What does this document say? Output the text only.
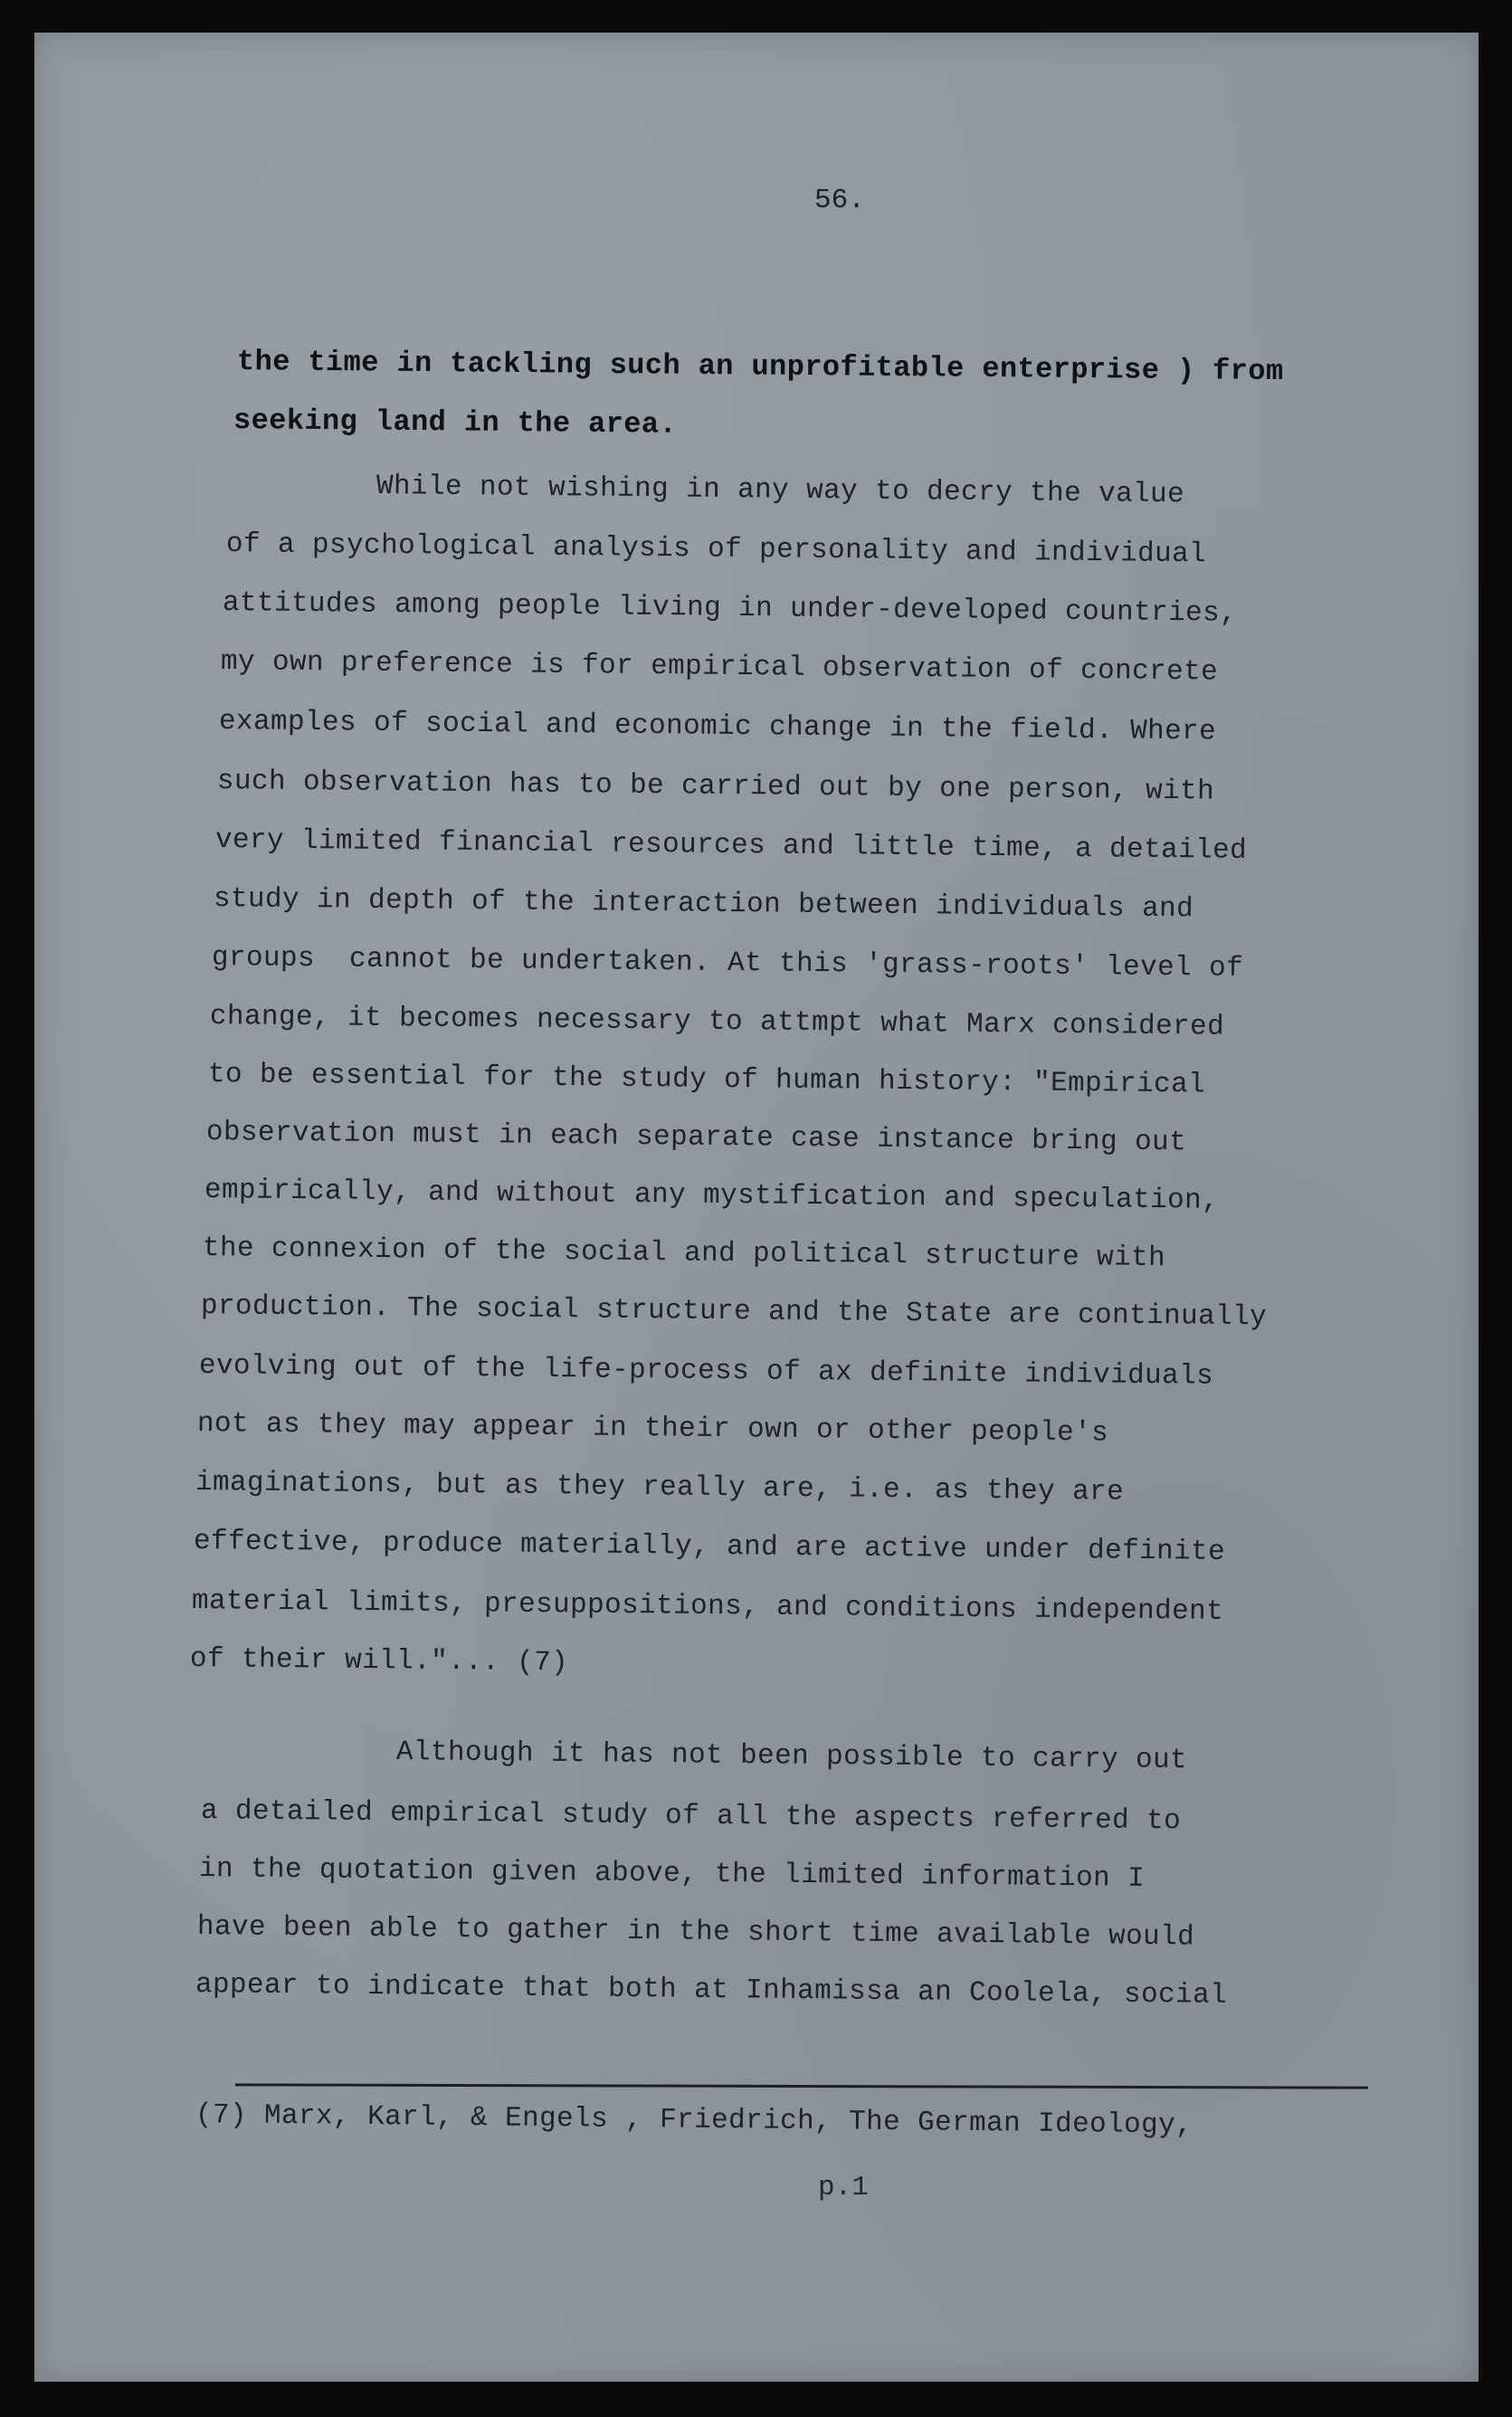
56.
the time in tackling such an unprofitable enterprise ) from
seeking land in the area.
While not wishing in any way to decry the value
of a psychological analysis of personality and individual
attitudes among people living in under-developed countries,
my own preference is for empirical observation of concrete
examples of social and economic change in the field. Where
such observation has to be carried out by one person, with
very limited financial resources and little time, a detailed
study in depth of the interaction between individuals and
groups  cannot be undertaken. At this 'grass-roots' level of
change, it becomes necessary to attmpt what Marx considered
to be essential for the study of human history: "Empirical
observation must in each separate case instance bring out
empirically, and without any mystification and speculation,
the connexion of the social and political structure with
production. The social structure and the State are continually
evolving out of the life-process of ax definite individuals
not as they may appear in their own or other people's
imaginations, but as they really are, i.e. as they are
effective, produce materially, and are active under definite
material limits, presuppositions, and conditions independent
of their will."... (7)
Although it has not been possible to carry out
a detailed empirical study of all the aspects referred to
in the quotation given above, the limited information I
have been able to gather in the short time available would
appear to indicate that both at Inhamissa an Coolela, social
(7) Marx, Karl, & Engels , Friedrich, The German Ideology,
p.1
